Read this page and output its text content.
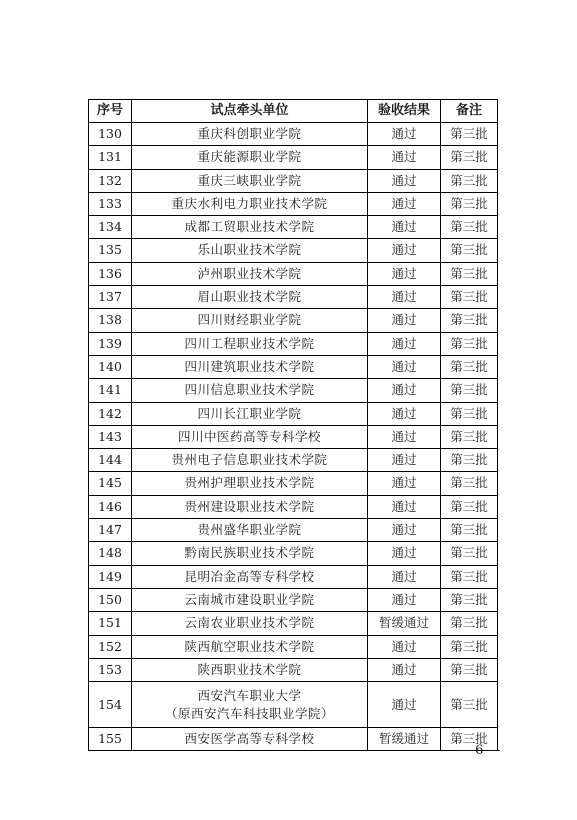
序号	试点牵头单位	验收结果	备注
130	重庆科创职业学院	通过	第三批
131	重庆能源职业学院	通过	第三批
132	重庆三峡职业学院	通过	第三批
133	重庆水利电力职业技术学院	通过	第三批
134	成都工贸职业技术学院	通过	第三批
135	乐山职业技术学院	通过	第三批
136	泸州职业技术学院	通过	第三批
137	眉山职业技术学院	通过	第三批
138	四川财经职业学院	通过	第三批
139	四川工程职业技术学院	通过	第三批
140	四川建筑职业技术学院	通过	第三批
141	四川信息职业技术学院	通过	第三批
142	四川长江职业学院	通过	第三批
143	四川中医药高等专科学校	通过	第三批
144	贵州电子信息职业技术学院	通过	第三批
145	贵州护理职业技术学院	通过	第三批
146	贵州建设职业技术学院	通过	第三批
147	贵州盛华职业学院	通过	第三批
148	黔南民族职业技术学院	通过	第三批
149	昆明冶金高等专科学校	通过	第三批
150	云南城市建设职业学院	通过	第三批
151	云南农业职业技术学院	暂缓通过	第三批
152	陕西航空职业技术学院	通过	第三批
153	陕西职业技术学院	通过	第三批
154	西安汽车职业大学
（原西安汽车科技职业学院）	通过	第三批
155	西安医学高等专科学校	暂缓通过	第三批
— 6 —
